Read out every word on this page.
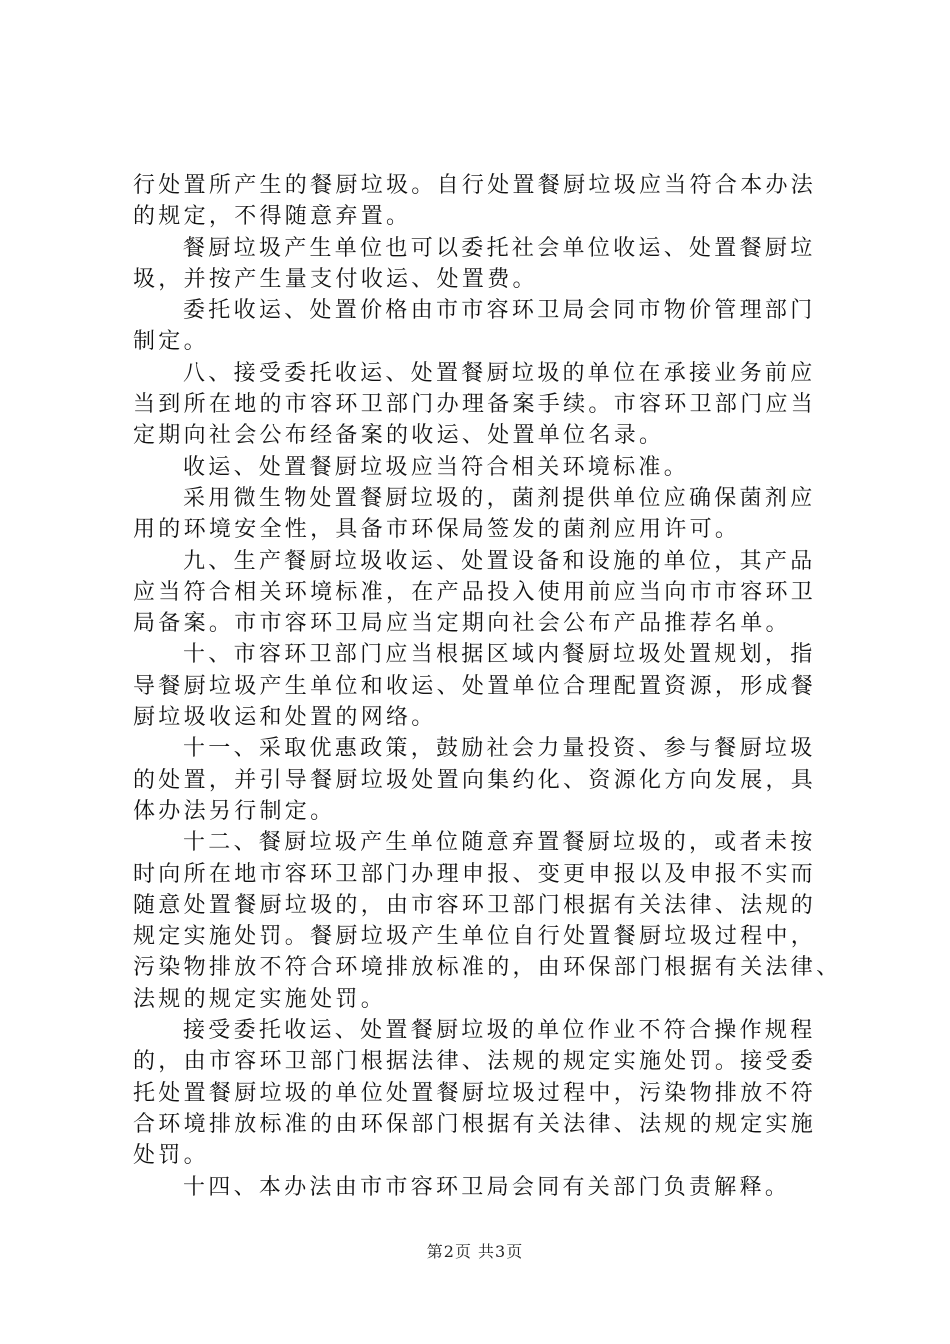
行处置所产生的餐厨垃圾。自行处置餐厨垃圾应当符合本办法
的规定，不得随意弃置。
餐厨垃圾产生单位也可以委托社会单位收运、处置餐厨垃
圾，并按产生量支付收运、处置费。
委托收运、处置价格由市市容环卫局会同市物价管理部门
制定。
八、接受委托收运、处置餐厨垃圾的单位在承接业务前应
当到所在地的市容环卫部门办理备案手续。市容环卫部门应当
定期向社会公布经备案的收运、处置单位名录。
收运、处置餐厨垃圾应当符合相关环境标准。
采用微生物处置餐厨垃圾的，菌剂提供单位应确保菌剂应
用的环境安全性，具备市环保局签发的菌剂应用许可。
九、生产餐厨垃圾收运、处置设备和设施的单位，其产品
应当符合相关环境标准，在产品投入使用前应当向市市容环卫
局备案。市市容环卫局应当定期向社会公布产品推荐名单。
十、市容环卫部门应当根据区域内餐厨垃圾处置规划，指
导餐厨垃圾产生单位和收运、处置单位合理配置资源，形成餐
厨垃圾收运和处置的网络。
十一、采取优惠政策，鼓励社会力量投资、参与餐厨垃圾
的处置，并引导餐厨垃圾处置向集约化、资源化方向发展，具
体办法另行制定。
十二、餐厨垃圾产生单位随意弃置餐厨垃圾的，或者未按
时向所在地市容环卫部门办理申报、变更申报以及申报不实而
随意处置餐厨垃圾的，由市容环卫部门根据有关法律、法规的
规定实施处罚。餐厨垃圾产生单位自行处置餐厨垃圾过程中，
污染物排放不符合环境排放标准的，由环保部门根据有关法律、
法规的规定实施处罚。
接受委托收运、处置餐厨垃圾的单位作业不符合操作规程
的，由市容环卫部门根据法律、法规的规定实施处罚。接受委
托处置餐厨垃圾的单位处置餐厨垃圾过程中，污染物排放不符
合环境排放标准的由环保部门根据有关法律、法规的规定实施
处罚。
十四、本办法由市市容环卫局会同有关部门负责解释。
第2页 共3页
